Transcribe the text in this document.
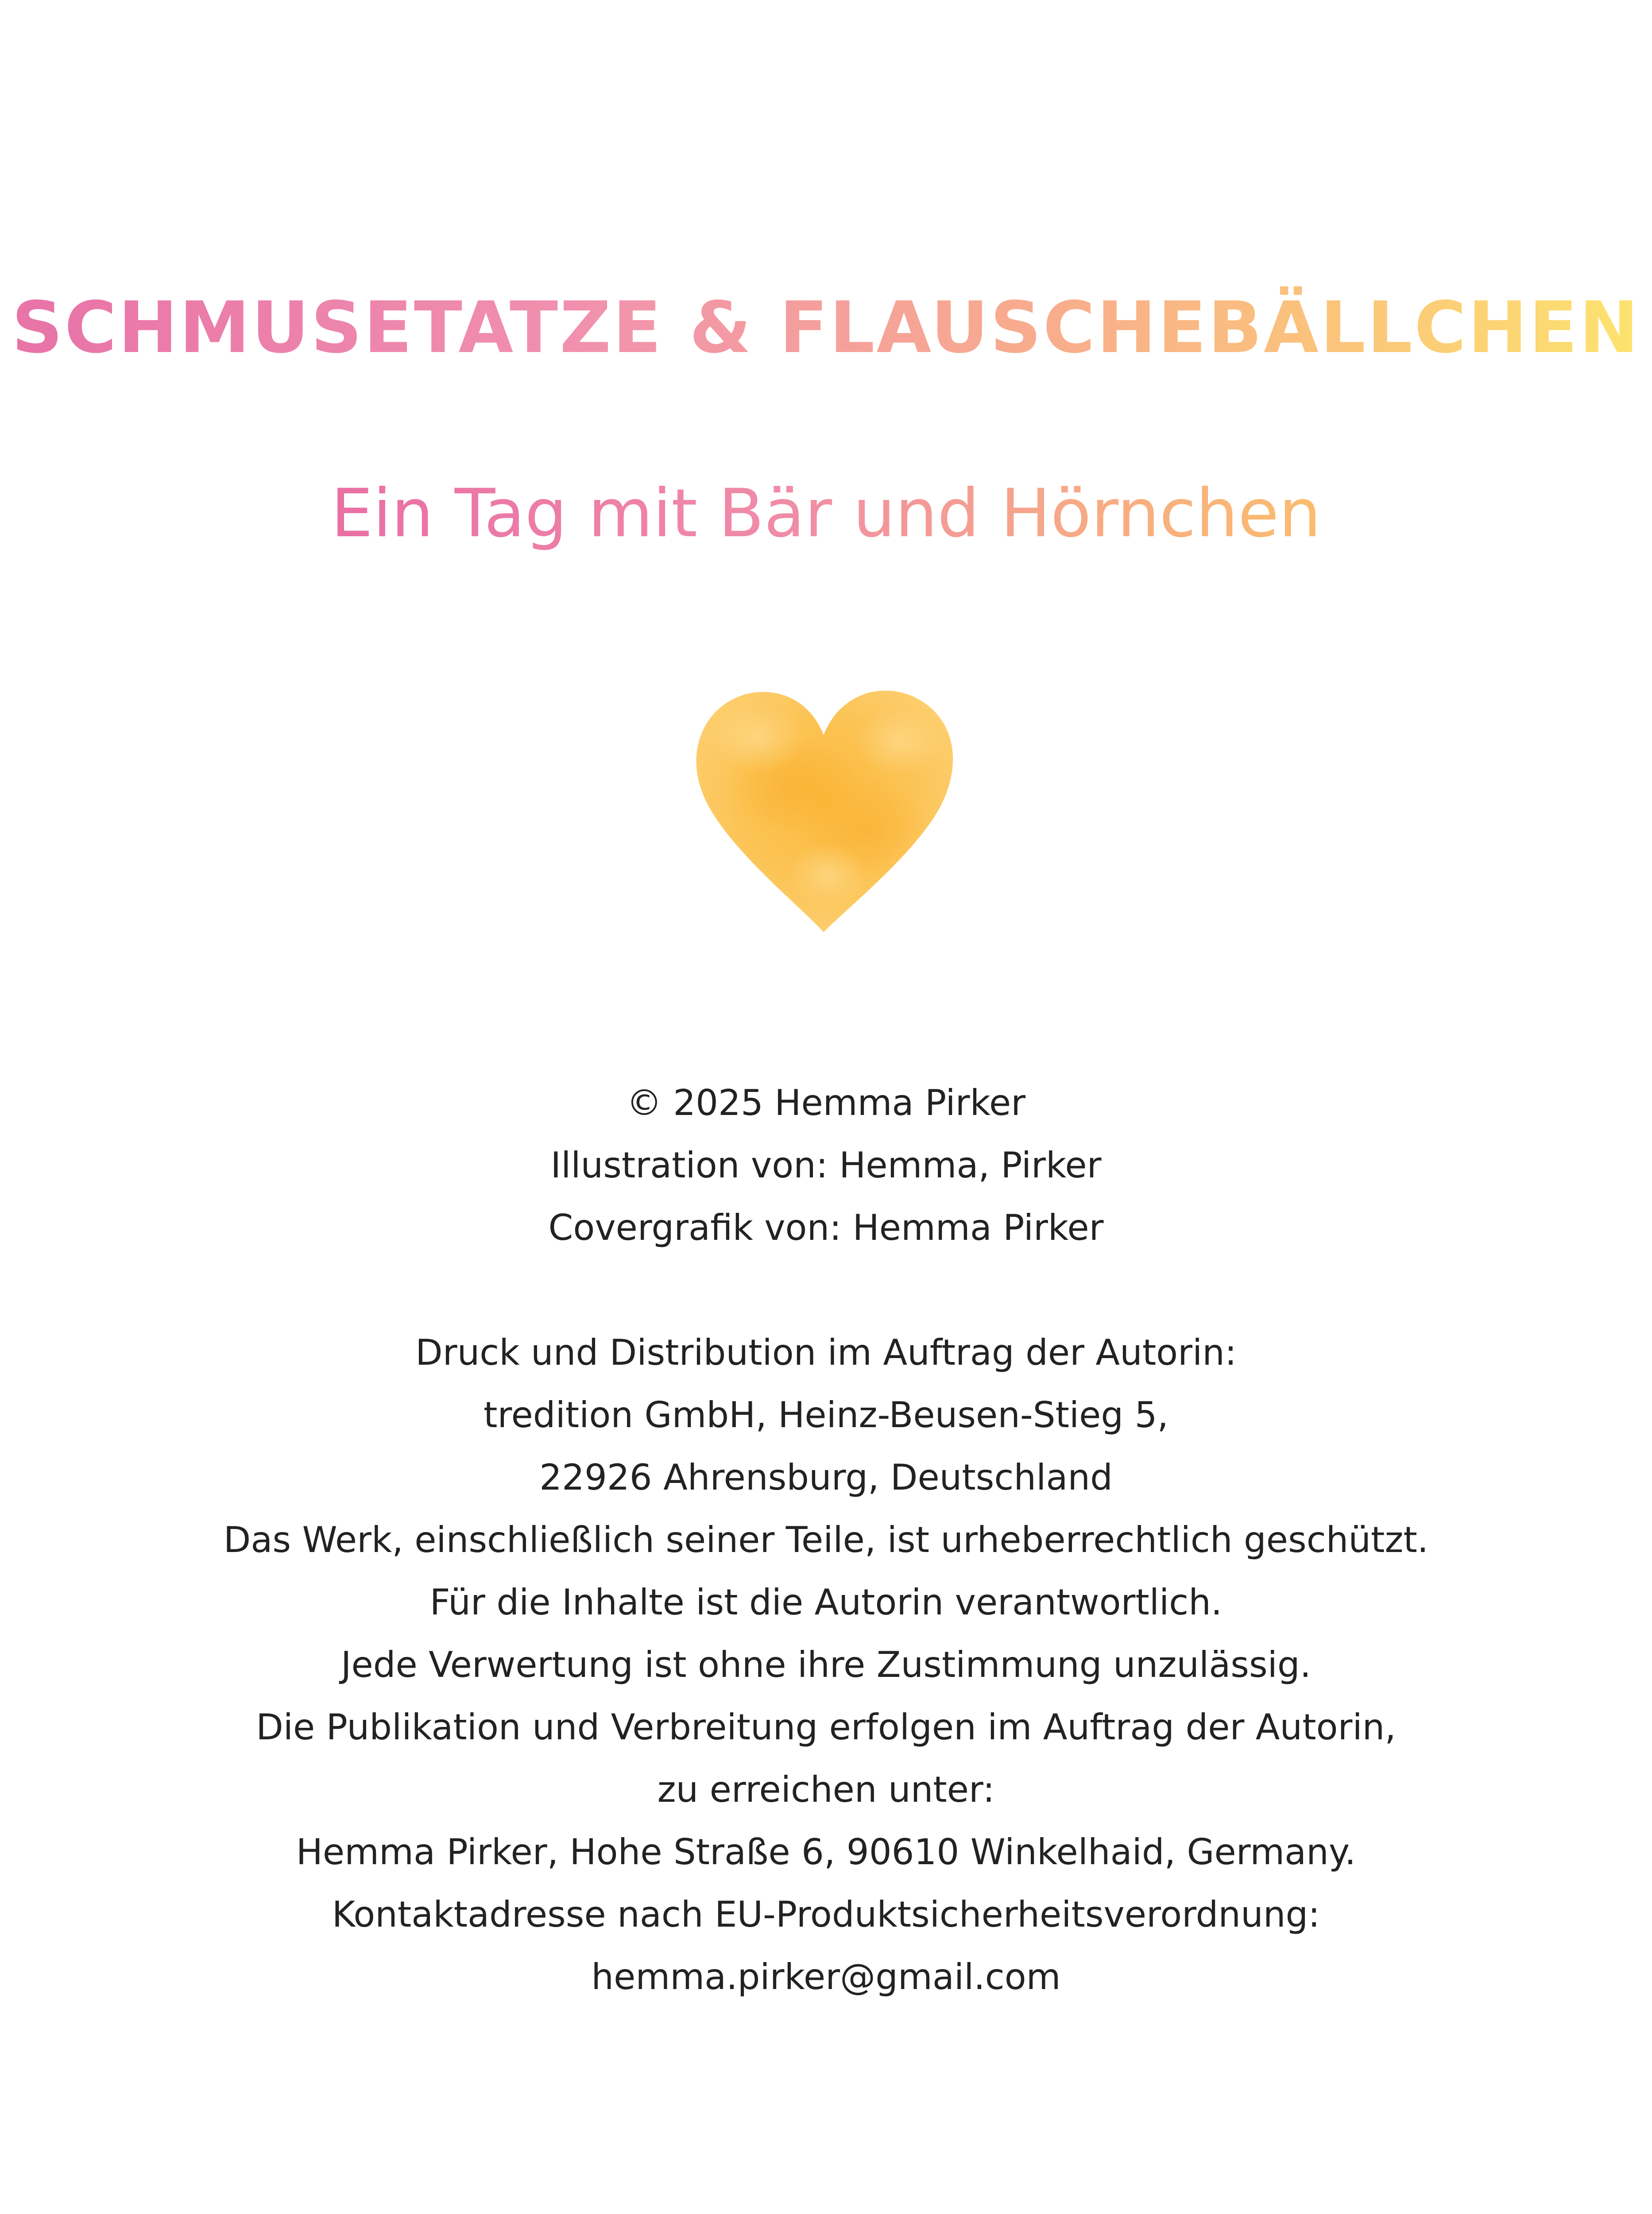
SCHMUSETATZE & FLAUSCHEBÄLLCHEN
Ein Tag mit Bär und Hörnchen
© 2025 Hemma Pirker
Illustration von: Hemma, Pirker
Covergrafik von: Hemma Pirker
Druck und Distribution im Auftrag der Autorin:
tredition GmbH, Heinz-Beusen-Stieg 5,
22926 Ahrensburg, Deutschland
Das Werk, einschließlich seiner Teile, ist urheberrechtlich geschützt.
Für die Inhalte ist die Autorin verantwortlich.
Jede Verwertung ist ohne ihre Zustimmung unzulässig.
Die Publikation und Verbreitung erfolgen im Auftrag der Autorin,
zu erreichen unter:
Hemma Pirker, Hohe Straße 6, 90610 Winkelhaid, Germany.
Kontaktadresse nach EU-Produktsicherheitsverordnung:
hemma.pirker@gmail.com
